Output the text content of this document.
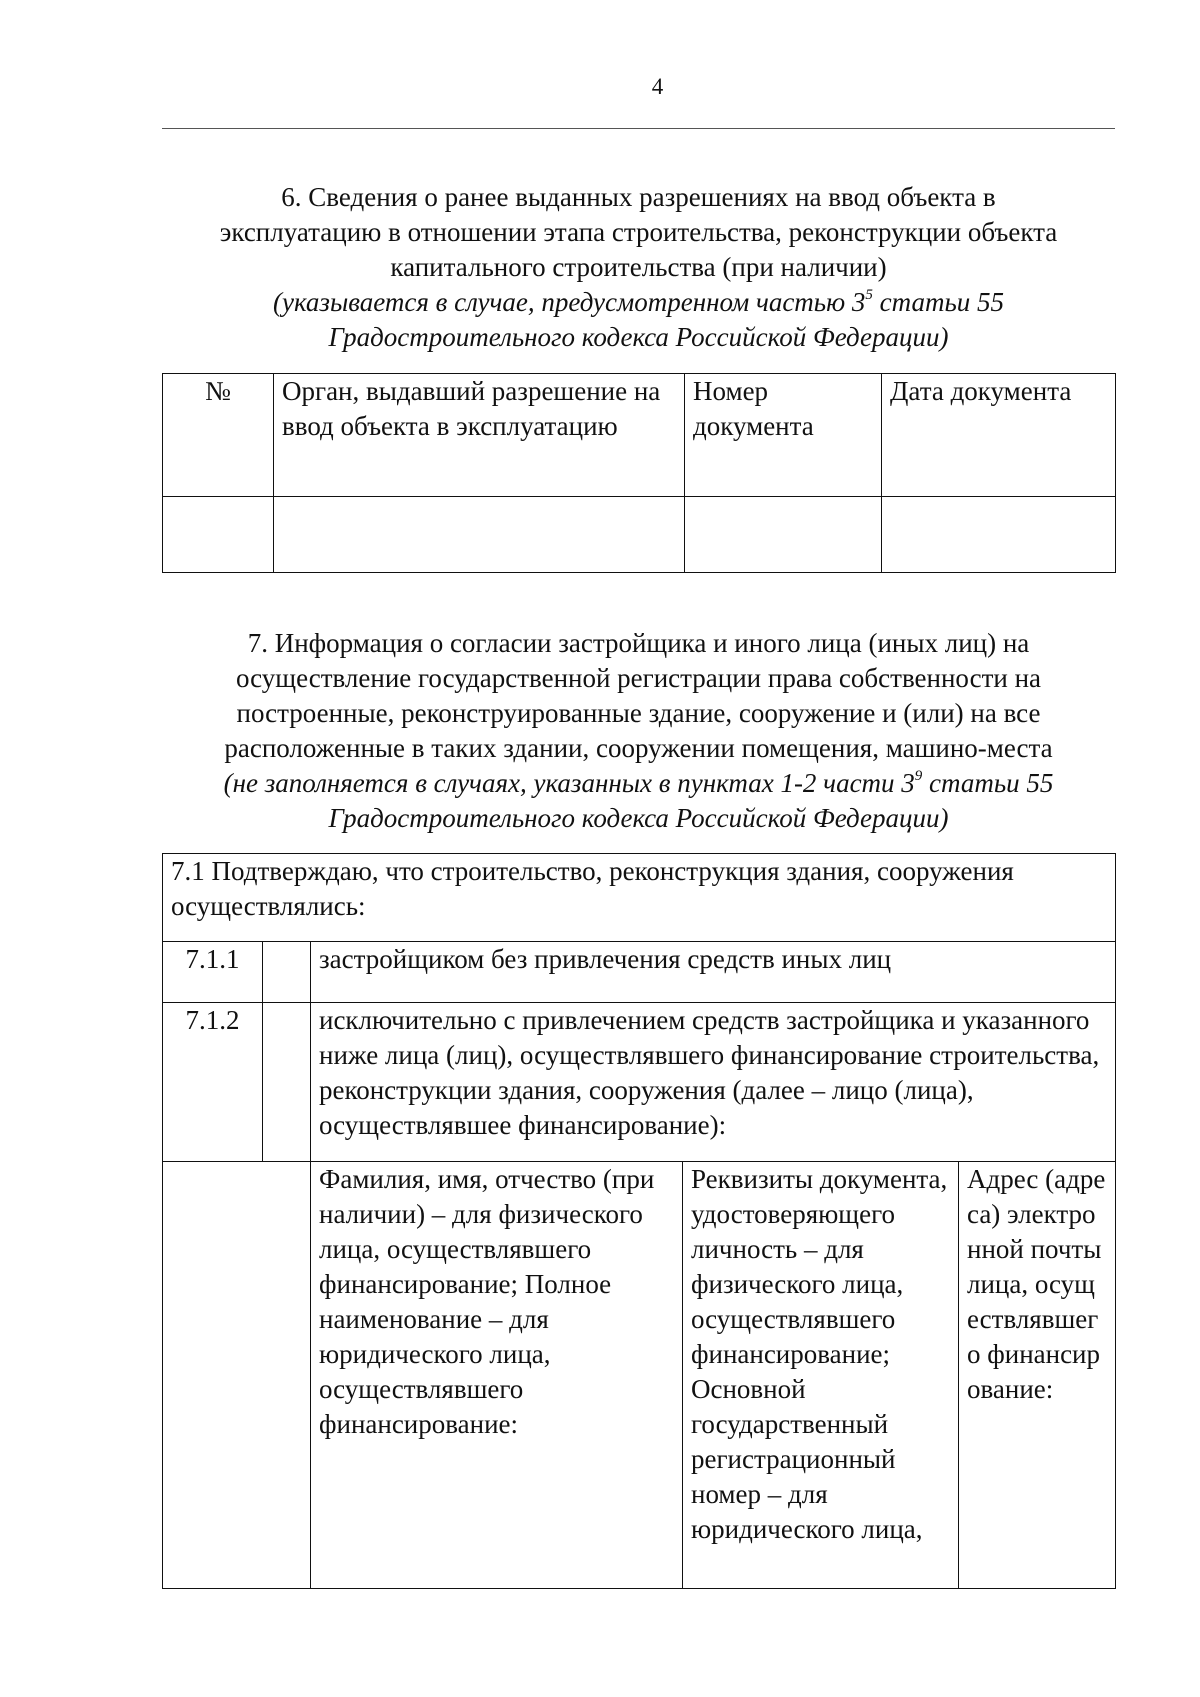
4
6. Сведения о ранее выданных разрешениях на ввод объекта в
эксплуатацию в отношении этапа строительства, реконструкции объекта
капитального строительства (при наличии)
(указывается в случае, предусмотренном частью $3^5$ статьи 55
Градостроительного кодекса Российской Федерации)
№	Орган, выдавший разрешение на ввод объекта в эксплуатацию	Номер документа	Дата документа

7. Информация о согласии застройщика и иного лица (иных лиц) на
осуществление государственной регистрации права собственности на
построенные, реконструированные здание, сооружение и (или) на все
расположенные в таких здании, сооружении помещения, машино-места
(не заполняется в случаях, указанных в пунктах 1-2 части $3^9$ статьи 55
Градостроительного кодекса Российской Федерации)
7.1 Подтверждаю, что строительство, реконструкция здания, сооружения осуществлялись:				
7.1.1		застройщиком без привлечения средств иных лиц		
7.1.2		исключительно с привлечением средств застройщика и указанного ниже лица (лиц), осуществлявшего финансирование строительства, реконструкции здания, сооружения (далее – лицо (лица), осуществлявшее финансирование):		
		Фамилия, имя, отчество (при наличии) – для физического лица, осуществлявшего финансирование; Полное наименование – для юридического лица, осуществлявшего финансирование:	Реквизиты документа, удостоверяющего личность – для физического лица, осуществлявшего финансирование; Основной государственный регистрационный номер – для юридического лица,	Адрес (адреса) электронной почты лица, осуществлявшего финансирование:
